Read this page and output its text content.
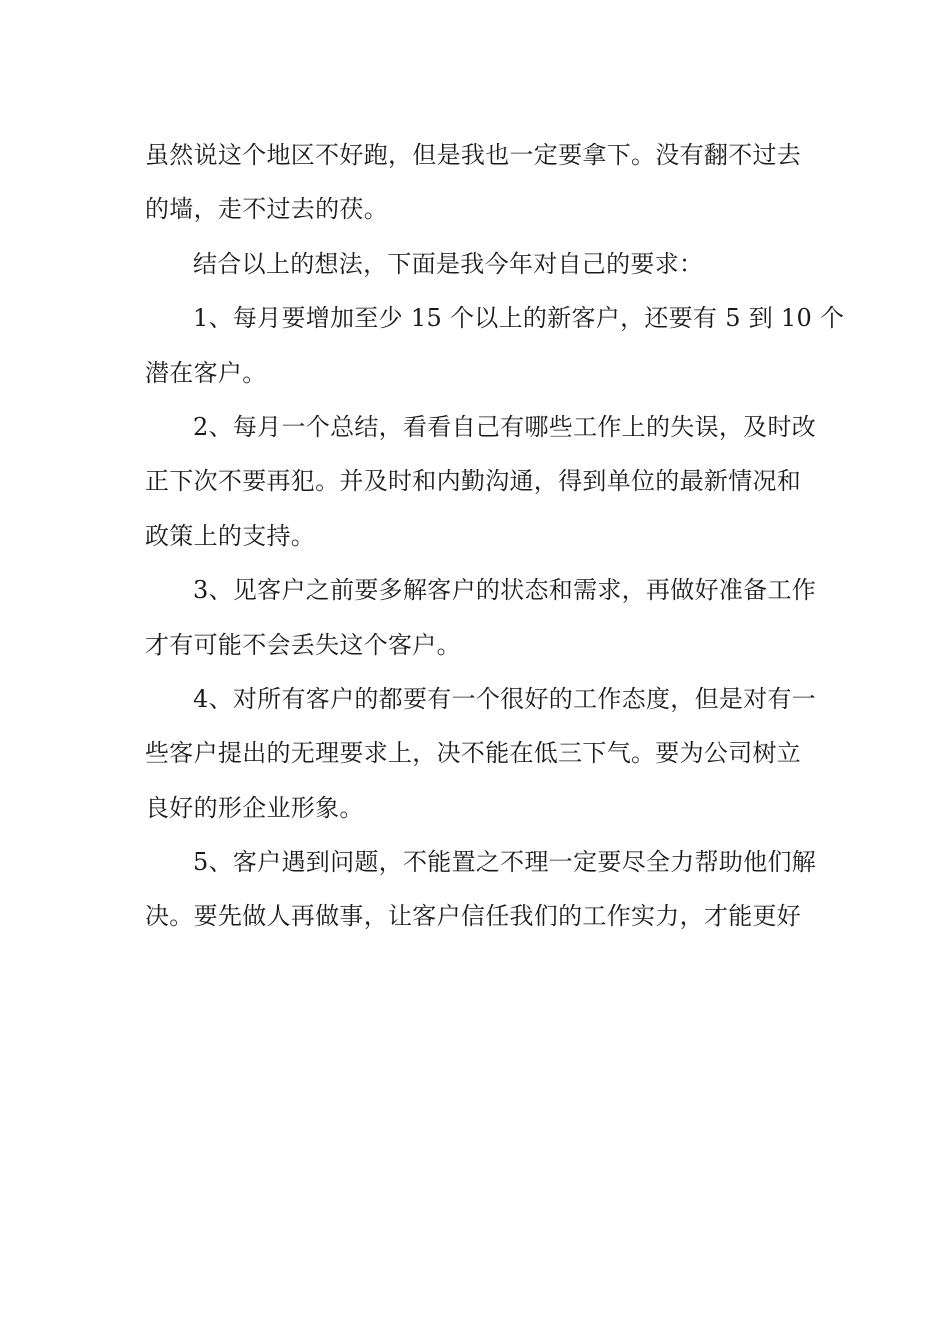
虽然说这个地区不好跑，但是我也一定要拿下。没有翻不过去
的墙，走不过去的茯。
结合以上的想法，下面是我今年对自己的要求：
1、每月要增加至少 15 个以上的新客户，还要有 5 到 10 个
潜在客户。
2、每月一个总结，看看自己有哪些工作上的失误，及时改
正下次不要再犯。并及时和内勤沟通，得到单位的最新情况和
政策上的支持。
3、见客户之前要多解客户的状态和需求，再做好准备工作
才有可能不会丢失这个客户。
4、对所有客户的都要有一个很好的工作态度，但是对有一
些客户提出的无理要求上，决不能在低三下气。要为公司树立
良好的形企业形象。
5、客户遇到问题，不能置之不理一定要尽全力帮助他们解
决。要先做人再做事，让客户信任我们的工作实力，才能更好
